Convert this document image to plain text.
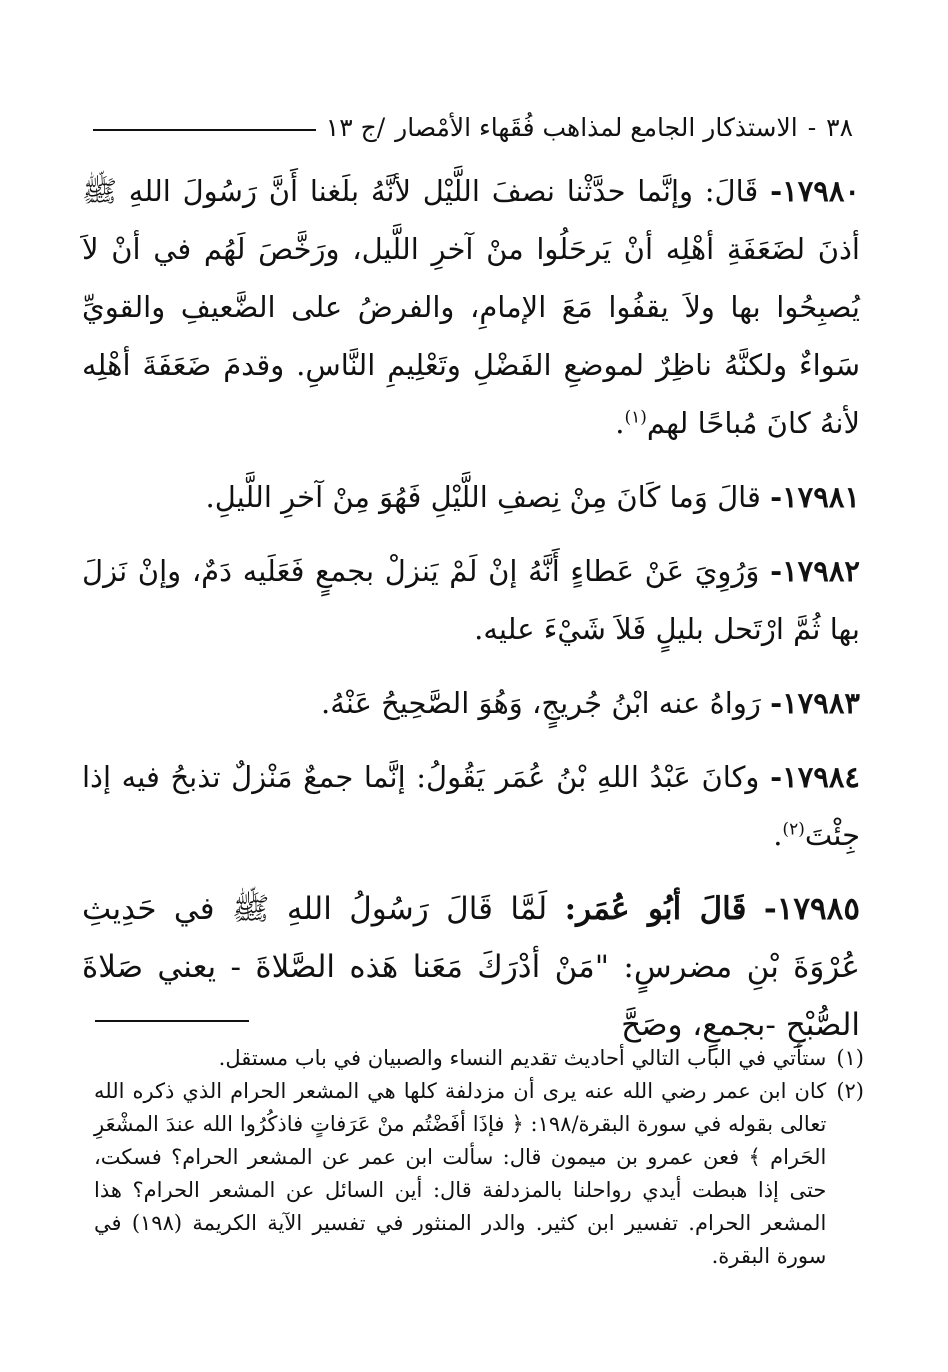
٣٨
-
الاستذكار الجامع لمذاهب فُقَهاء الأمْصار
/ج ١٣

١٧٩٨٠- قَالَ: وإنَّما حدَّثْنا نصفَ اللَّيْل لأنَّهُ بلَغنا أَنَّ رَسُولَ اللهِ ﷺ أذنَ لضَعَفَةِ أهْلِه أنْ يَرحَلُوا منْ آخرِ اللَّيل، ورَخَّصَ لَهُم في أنْ لاَ يُصبِحُوا بها ولاَ يقفُوا مَعَ الإمامِ، والفرضُ على الضَّعيفِ والقويِّ سَواءٌ ولكنَّهُ ناظِرٌ لموضعِ الفَضْلِ وتَعْلِيمِ النَّاسِ. وقدمَ ضَعَفَةَ أهْلِه لأنهُ كانَ مُباحًا لهم$^{(١)}$.

١٧٩٨١- قالَ وَما كَانَ مِنْ نِصفِ اللَّيْلِ فَهُوَ مِنْ آخرِ اللَّيلِ.

١٧٩٨٢- وَرُوِيَ عَنْ عَطاءٍ أَنَّهُ إنْ لَمْ يَنزلْ بجمعٍ فَعَلَيه دَمٌ، وإنْ نَزلَ بها ثُمَّ ارْتَحل بليلٍ فَلاَ شَيْءَ عليه.

١٧٩٨٣- رَواهُ عنه ابْنُ جُريجٍ، وَهُوَ الصَّحِيحُ عَنْهُ.

١٧٩٨٤- وكانَ عَبْدُ اللهِ بْنُ عُمَر يَقُولُ: إنَّما جمعٌ مَنْزلٌ تذبحُ فيه إذا جِئْتَ$^{(٢)}$.

١٧٩٨٥- قَالَ أبُو عُمَر: لَمَّا قَالَ رَسُولُ اللهِ ﷺ في حَدِيثِ عُرْوَةَ بْنِ مضرسٍ: "مَنْ أدْرَكَ مَعَنا هَذه الصَّلاةَ - يعني صَلاةَ الصُّبْحِ -بجمعٍ، وصَحَّ

(١)
ستأتي في الباب التالي أحاديث تقديم النساء والصبيان في باب مستقل.

(٢)
كان ابن عمر رضي الله عنه يرى أن مزدلفة كلها هي المشعر الحرام الذي ذكره الله تعالى بقوله في سورة البقرة/١٩٨: ﴿ فإذَا أفَضْتُم منْ عَرَفاتٍ فاذكُرُوا الله عندَ المشْعَرِ الحَرام ﴾ فعن عمرو بن ميمون قال: سألت ابن عمر عن المشعر الحرام؟ فسكت، حتى إذا هبطت أيدي رواحلنا بالمزدلفة قال: أين السائل عن المشعر الحرام؟ هذا المشعر الحرام. تفسير ابن كثير. والدر المنثور في تفسير الآية الكريمة (١٩٨) في سورة البقرة.
